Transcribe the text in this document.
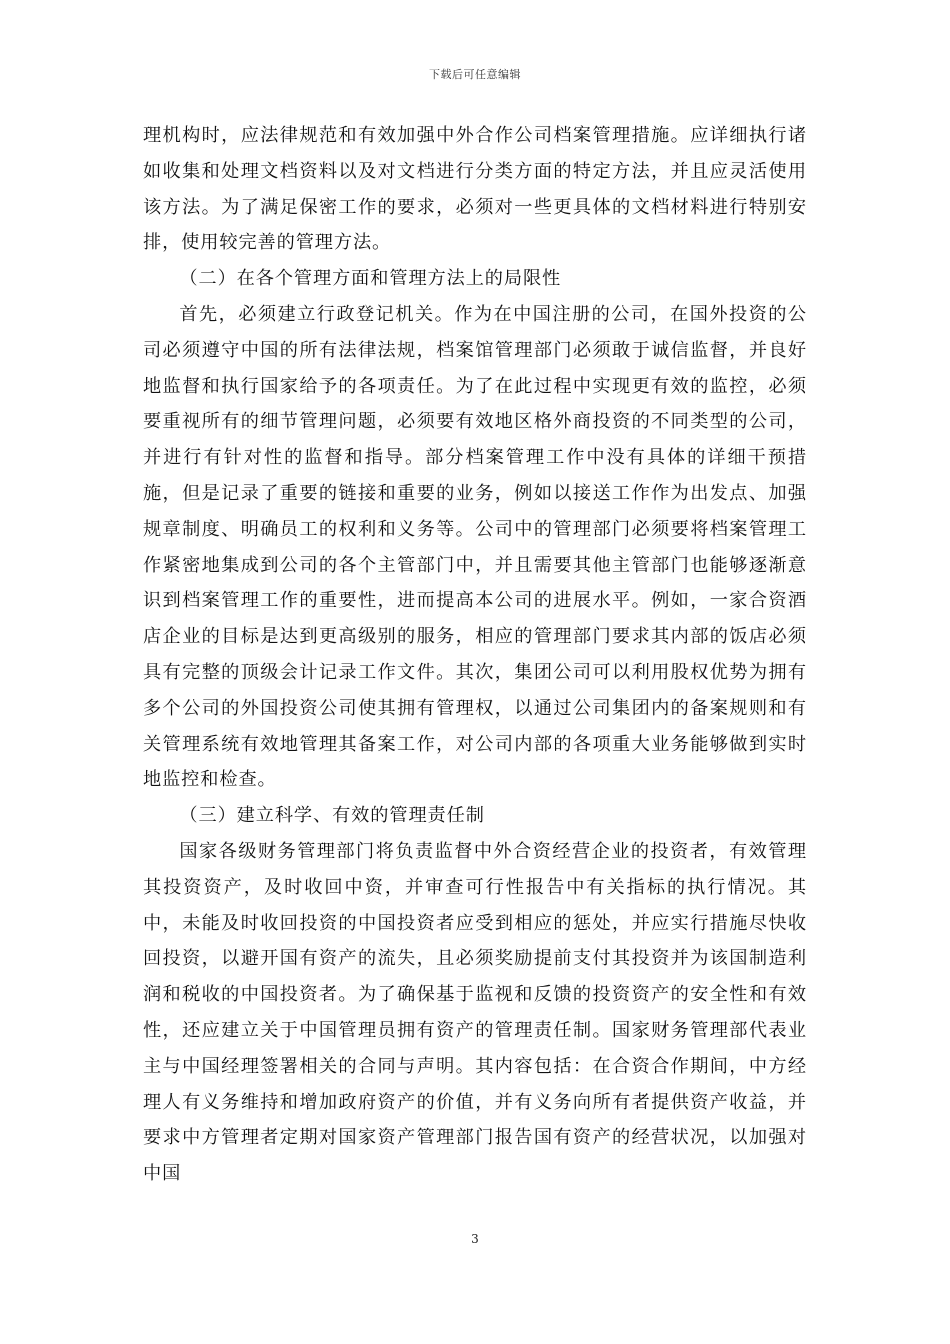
下载后可任意编辑

理机构时，应法律规范和有效加强中外合作公司档案管理措施。应详细执行诸如收集和处理文档资料以及对文档进行分类方面的特定方法，并且应灵活使用该方法。为了满足保密工作的要求，必须对一些更具体的文档材料进行特别安排，使用较完善的管理方法。

（二）在各个管理方面和管理方法上的局限性

首先，必须建立行政登记机关。作为在中国注册的公司，在国外投资的公司必须遵守中国的所有法律法规，档案馆管理部门必须敢于诚信监督，并良好地监督和执行国家给予的各项责任。为了在此过程中实现更有效的监控，必须要重视所有的细节管理问题，必须要有效地区格外商投资的不同类型的公司，并进行有针对性的监督和指导。部分档案管理工作中没有具体的详细干预措施，但是记录了重要的链接和重要的业务，例如以接送工作作为出发点、加强规章制度、明确员工的权利和义务等。公司中的管理部门必须要将档案管理工作紧密地集成到公司的各个主管部门中，并且需要其他主管部门也能够逐渐意识到档案管理工作的重要性，进而提高本公司的进展水平。例如，一家合资酒店企业的目标是达到更高级别的服务，相应的管理部门要求其内部的饭店必须具有完整的顶级会计记录工作文件。其次，集团公司可以利用股权优势为拥有多个公司的外国投资公司使其拥有管理权，以通过公司集团内的备案规则和有关管理系统有效地管理其备案工作，对公司内部的各项重大业务能够做到实时地监控和检查。

（三）建立科学、有效的管理责任制

国家各级财务管理部门将负责监督中外合资经营企业的投资者，有效管理其投资资产，及时收回中资，并审查可行性报告中有关指标的执行情况。其中，未能及时收回投资的中国投资者应受到相应的惩处，并应实行措施尽快收回投资，以避开国有资产的流失，且必须奖励提前支付其投资并为该国制造利润和税收的中国投资者。为了确保基于监视和反馈的投资资产的安全性和有效性，还应建立关于中国管理员拥有资产的管理责任制。国家财务管理部代表业主与中国经理签署相关的合同与声明。其内容包括：在合资合作期间，中方经理人有义务维持和增加政府资产的价值，并有义务向所有者提供资产收益，并要求中方管理者定期对国家资产管理部门报告国有资产的经营状况，以加强对中国

3
